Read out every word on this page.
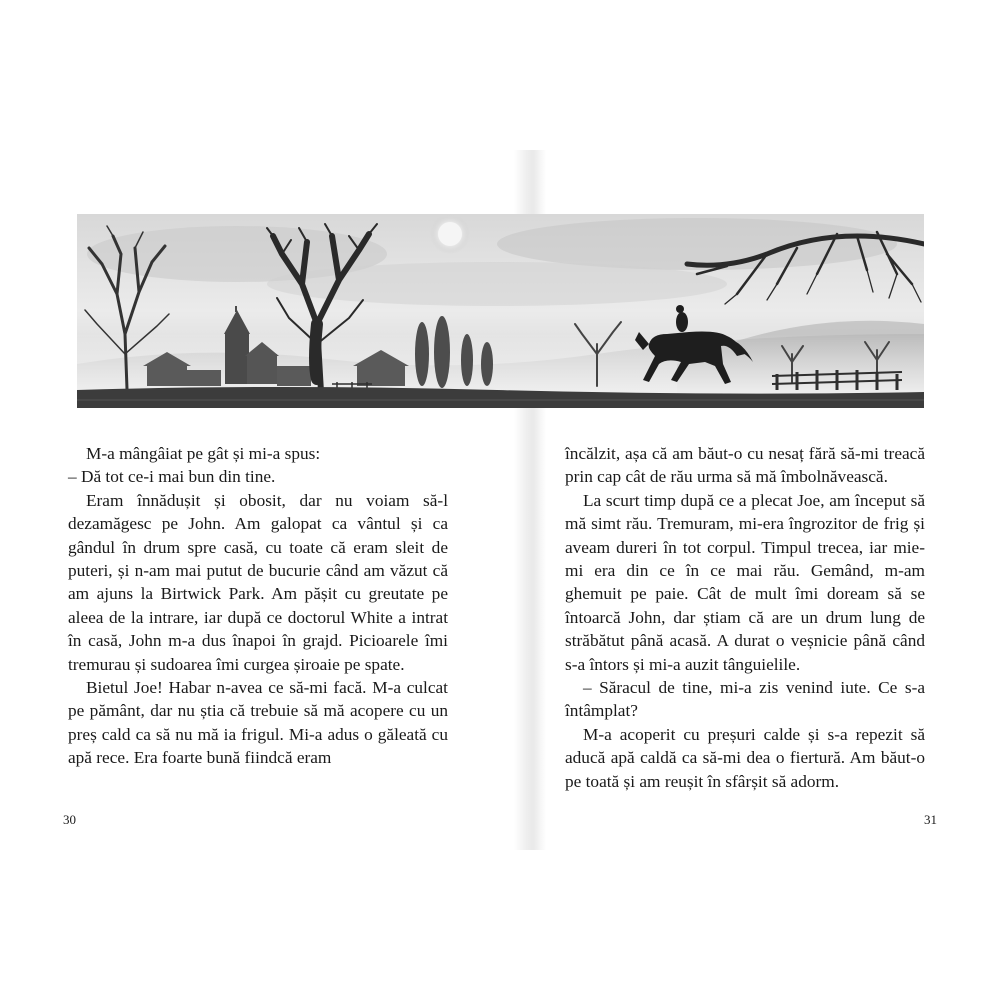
M-a mângâiat pe gât și mi-a spus:

– Dă tot ce-i mai bun din tine.

Eram înnădușit și obosit, dar nu voiam să-l dezamăgesc pe John. Am galopat ca vântul și ca gândul în drum spre casă, cu toate că eram sleit de puteri, și n-am mai putut de bucurie când am văzut că am ajuns la Birtwick Park. Am pășit cu greutate pe aleea de la intrare, iar după ce doctorul White a intrat în casă, John m-a dus înapoi în grajd. Picioarele îmi tremurau și sudoarea îmi curgea șiroaie pe spate.

Bietul Joe! Habar n-avea ce să-mi facă. M-a culcat pe pământ, dar nu știa că trebuie să mă acopere cu un preș cald ca să nu mă ia frigul. Mi-a adus o găleată cu apă rece. Era foarte bună fiindcă eram

încălzit, așa că am băut-o cu nesaț fără să-mi treacă prin cap cât de rău urma să mă îmbolnăvească.

La scurt timp după ce a plecat Joe, am început să mă simt rău. Tremuram, mi-era îngrozitor de frig și aveam dureri în tot corpul. Timpul trecea, iar mie-mi era din ce în ce mai rău. Gemând, m-am ghemuit pe paie. Cât de mult îmi doream să se întoarcă John, dar știam că are un drum lung de străbătut până acasă. A durat o veșnicie până când s-a întors și mi-a auzit tânguielile.

– Săracul de tine, mi-a zis venind iute. Ce s-a întâmplat?

M-a acoperit cu preșuri calde și s-a repezit să aducă apă caldă ca să-mi dea o fiertură. Am băut-o pe toată și am reușit în sfârșit să adorm.

30	31
